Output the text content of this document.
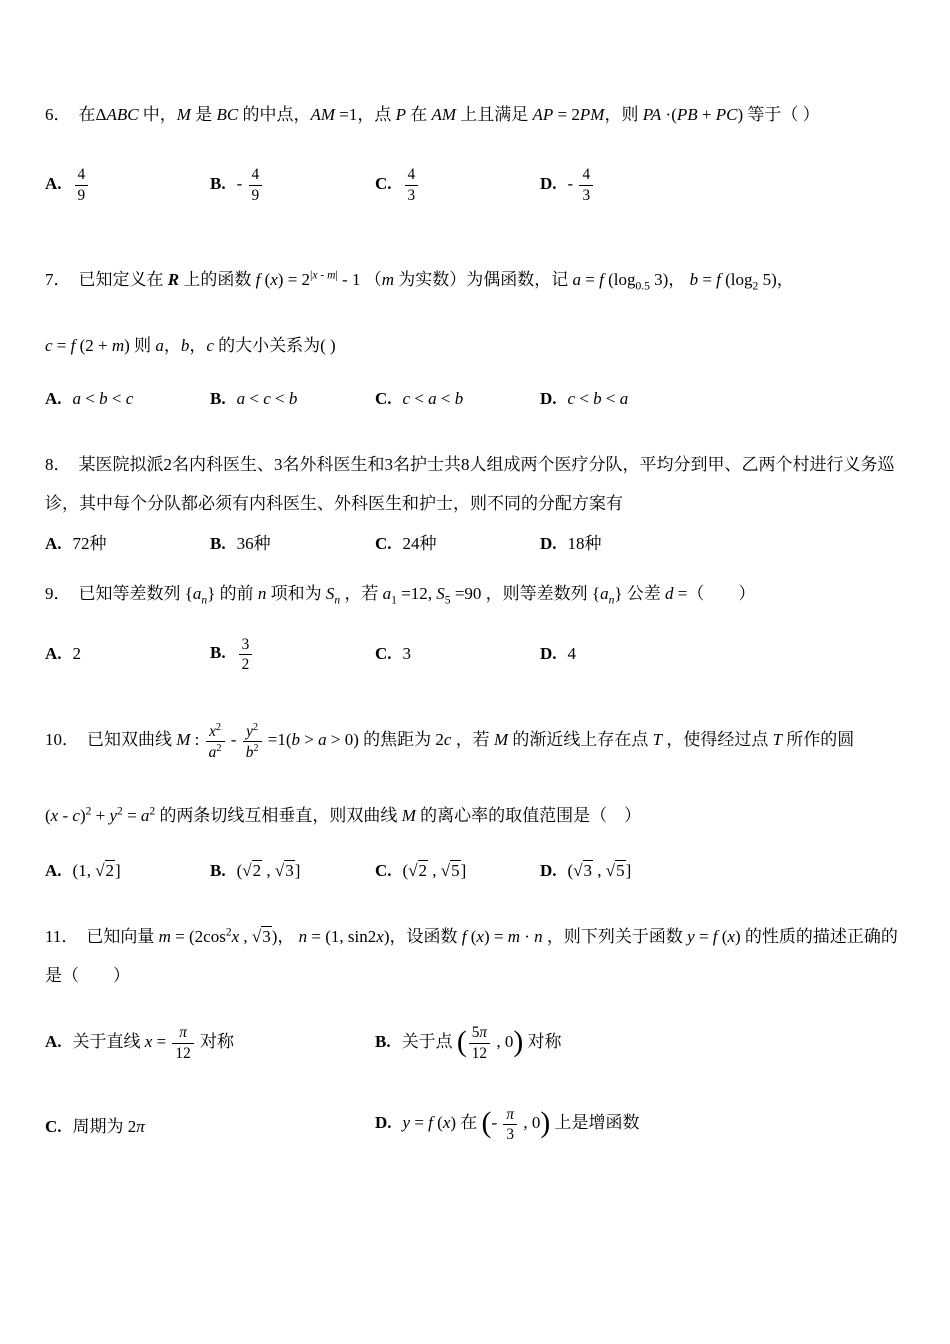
6． 在ΔABC 中，M 是 BC 的中点，AM =1，点 P 在 AM 上且满足 AP = 2PM，则 PA ·(PB + PC) 等于（ ）

A. $\frac{4}{9}$	B. - $\frac{4}{9}$	C. $\frac{4}{3}$	D. - $\frac{4}{3}$

7． 已知定义在 R 上的函数 f $(x) = 2^{|x - m|} - 1$ （m 为实数）为偶函数，记 a = f ($\log_{0.5}$ 3)， b = f ($\log_2$ 5)，

c = f (2 + m) 则 a，b，c 的大小关系为( )

A. a < b < c	B. a < c < b	C. c < a < b	D. c < b < a

8． 某医院拟派2名内科医生、3名外科医生和3名护士共8人组成两个医疗分队，平均分到甲、乙两个村进行义务巡诊，其中每个分队都必须有内科医生、外科医生和护士，则不同的分配方案有

A. 72种	B. 36种	C. 24种	D. 18种

9． 已知等差数列 $\{a_n\}$ 的前 n 项和为 $S_n$ ，若 $a_1 =12$, $S_5 =90$ ，则等差数列 $\{a_n\}$ 公差 d =（　　）

A. 2	B. $\frac{3}{2}$	C. 3	D. 4

10． 已知双曲线 M : $\frac{x^2}{a^2} - \frac{y^2}{b^2} =1(b > a > 0)$ 的焦距为 2c ，若 M 的渐近线上存在点 T ，使得经过点 T 所作的圆

$(x - c)^2 + y^2 = a^2$ 的两条切线互相垂直，则双曲线 M 的离心率的取值范围是（　）

A. (1, √2]	B. (√2 , √3]	C. (√2 , √5]	D. (√3 , √5]

11． 已知向量 $m = (2\cos^2x$ , √3)， n = (1, sin2x)，设函数 f (x) = m · n ，则下列关于函数 y = f (x) 的性质的描述正确的是（　　）

A. 关于直线 $x = \frac{\pi}{12}$ 对称	B. 关于点 ( $\frac{5\pi}{12}$ , 0) 对称
C. 周期为 2π	D. y = f (x) 在 (- $\frac{\pi}{3}$ , 0) 上是增函数
